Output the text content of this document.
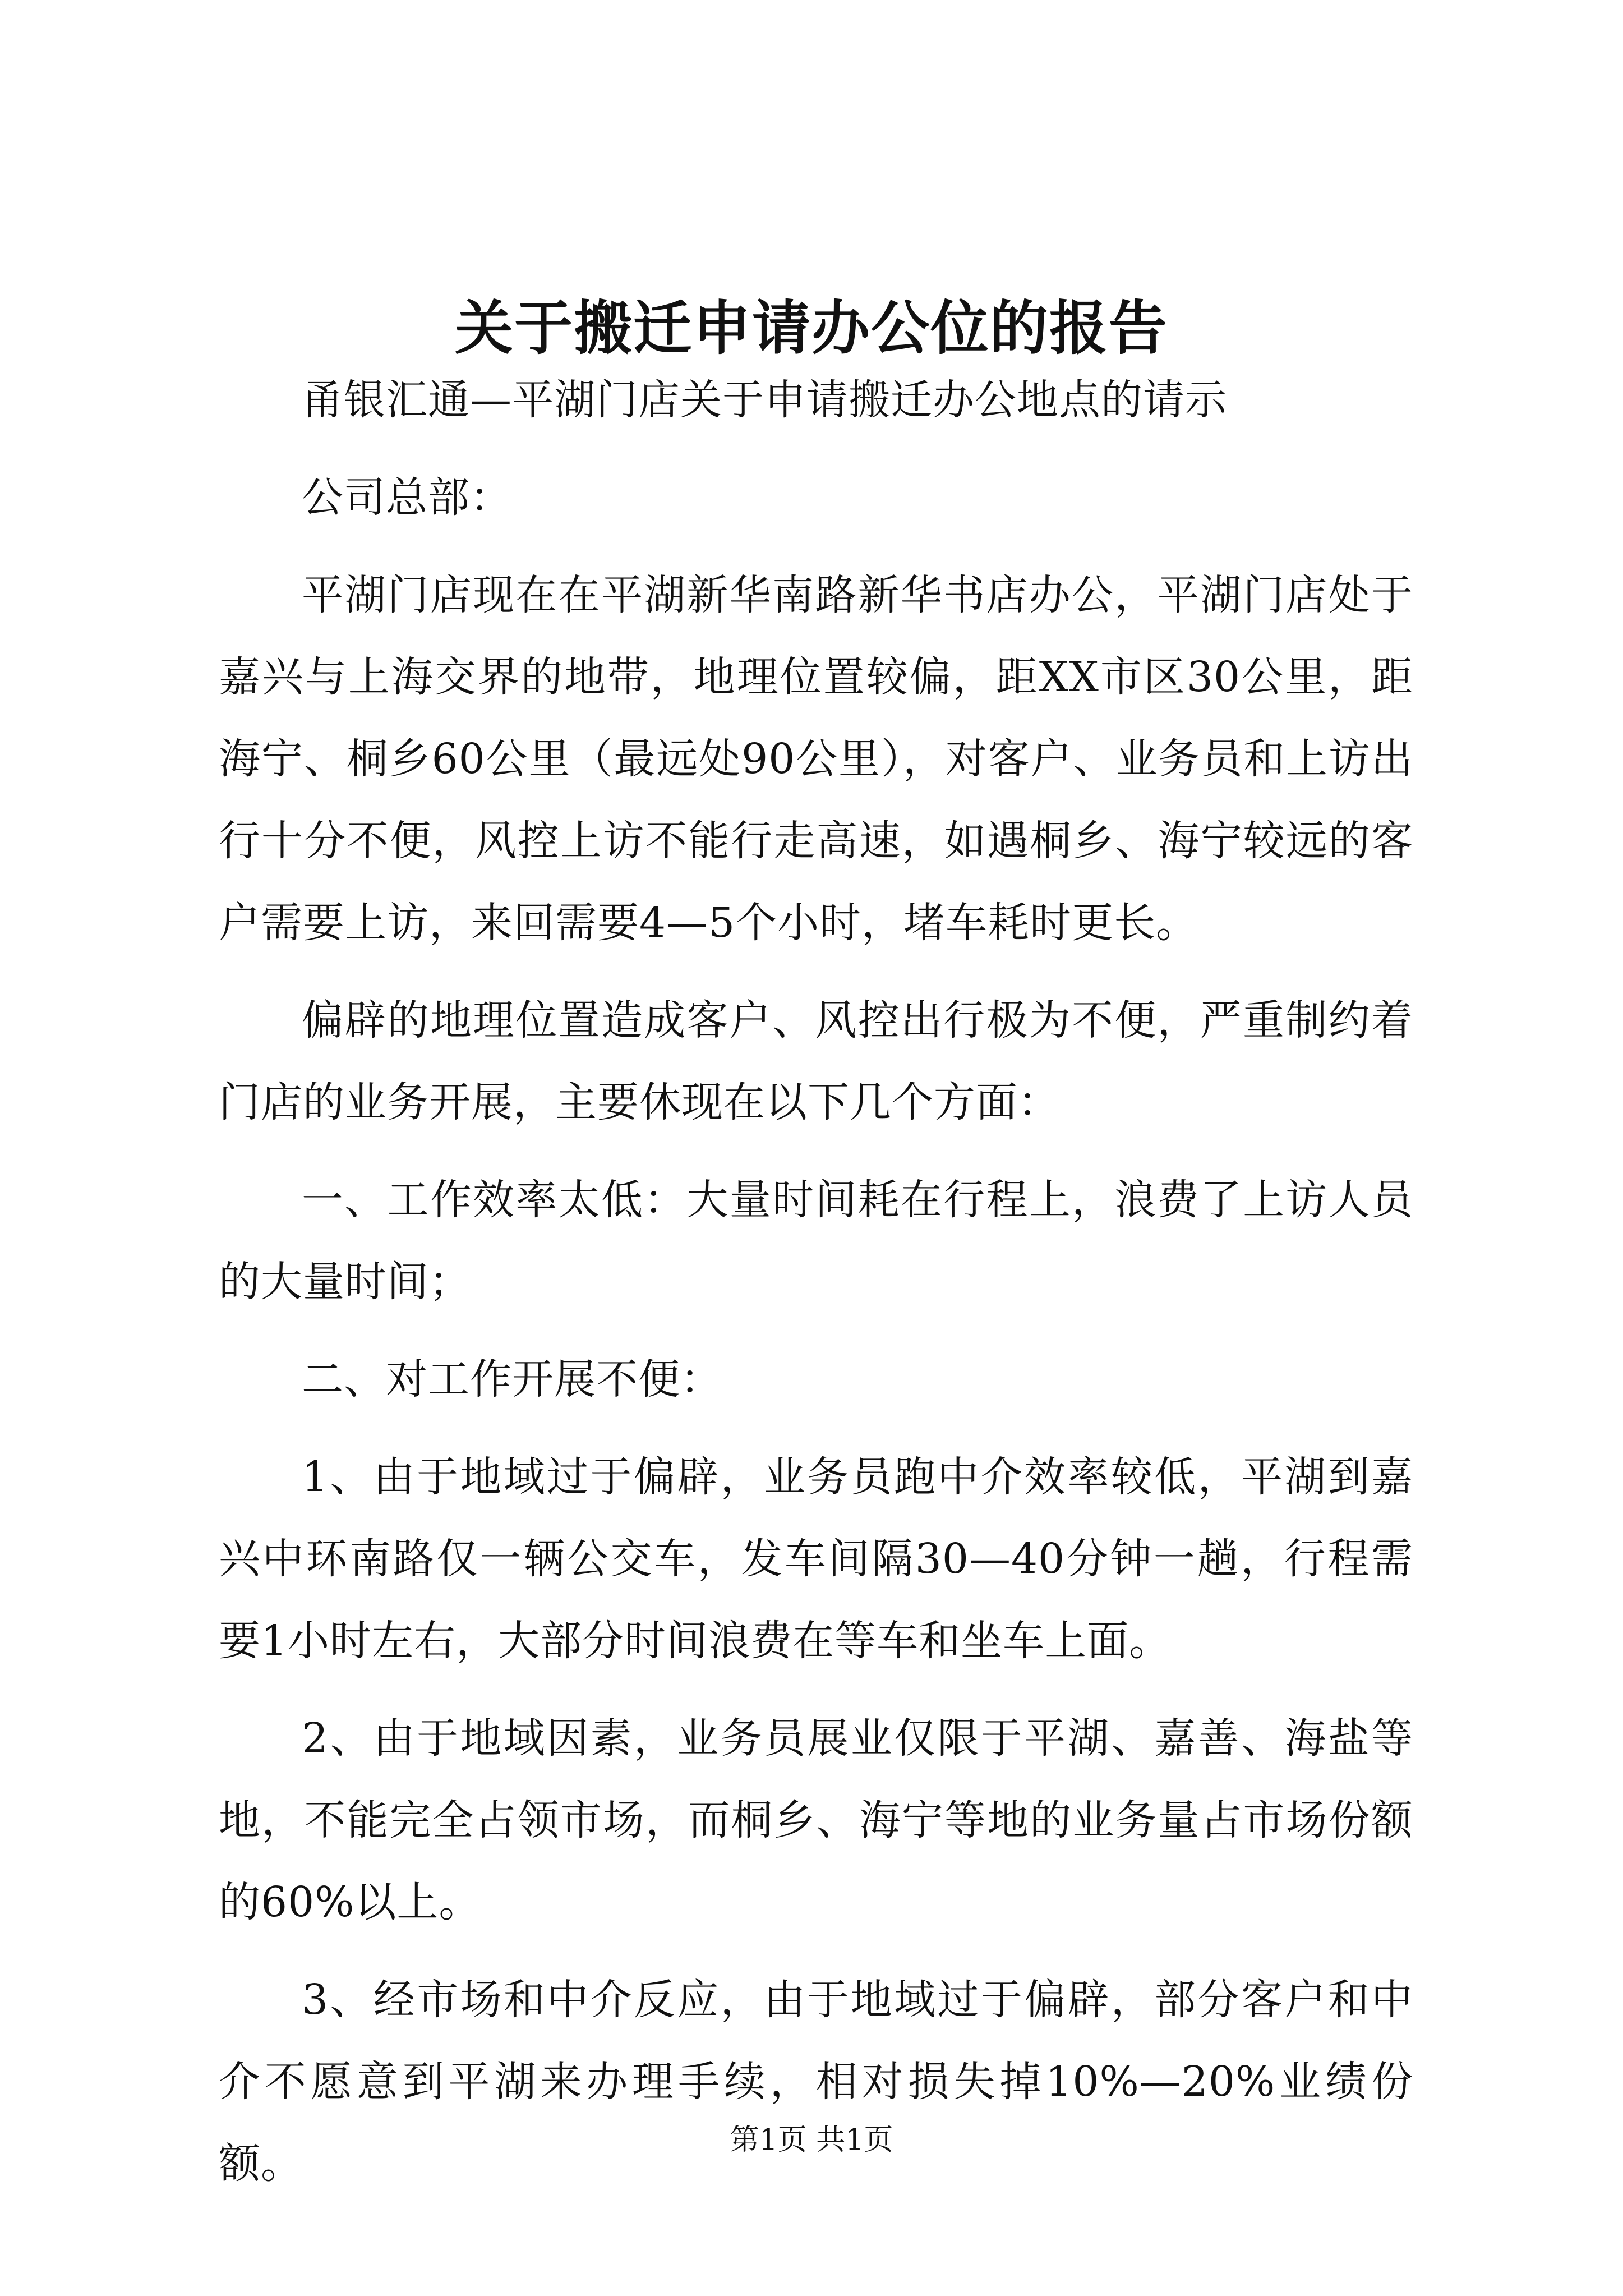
关于搬迁申请办公位的报告

甬银汇通—平湖门店关于申请搬迁办公地点的请示

公司总部：

平湖门店现在在平湖新华南路新华书店办公，平湖门店处于嘉兴与上海交界的地带，地理位置较偏，距XX市区30公里，距海宁、桐乡60公里（最远处90公里），对客户、业务员和上访出行十分不便，风控上访不能行走高速，如遇桐乡、海宁较远的客户需要上访，来回需要4—5个小时，堵车耗时更长。

偏辟的地理位置造成客户、风控出行极为不便，严重制约着门店的业务开展，主要休现在以下几个方面：

一、工作效率太低：大量时间耗在行程上，浪费了上访人员的大量时间；

二、对工作开展不便：

1、由于地域过于偏辟，业务员跑中介效率较低，平湖到嘉兴中环南路仅一辆公交车，发车间隔30—40分钟一趟，行程需要1小时左右，大部分时间浪费在等车和坐车上面。

2、由于地域因素，业务员展业仅限于平湖、嘉善、海盐等地，不能完全占领市场，而桐乡、海宁等地的业务量占市场份额的60%以上。

3、经市场和中介反应，由于地域过于偏辟，部分客户和中介不愿意到平湖来办理手续，相对损失掉10%—20%业绩份额。	第1页 共1页
